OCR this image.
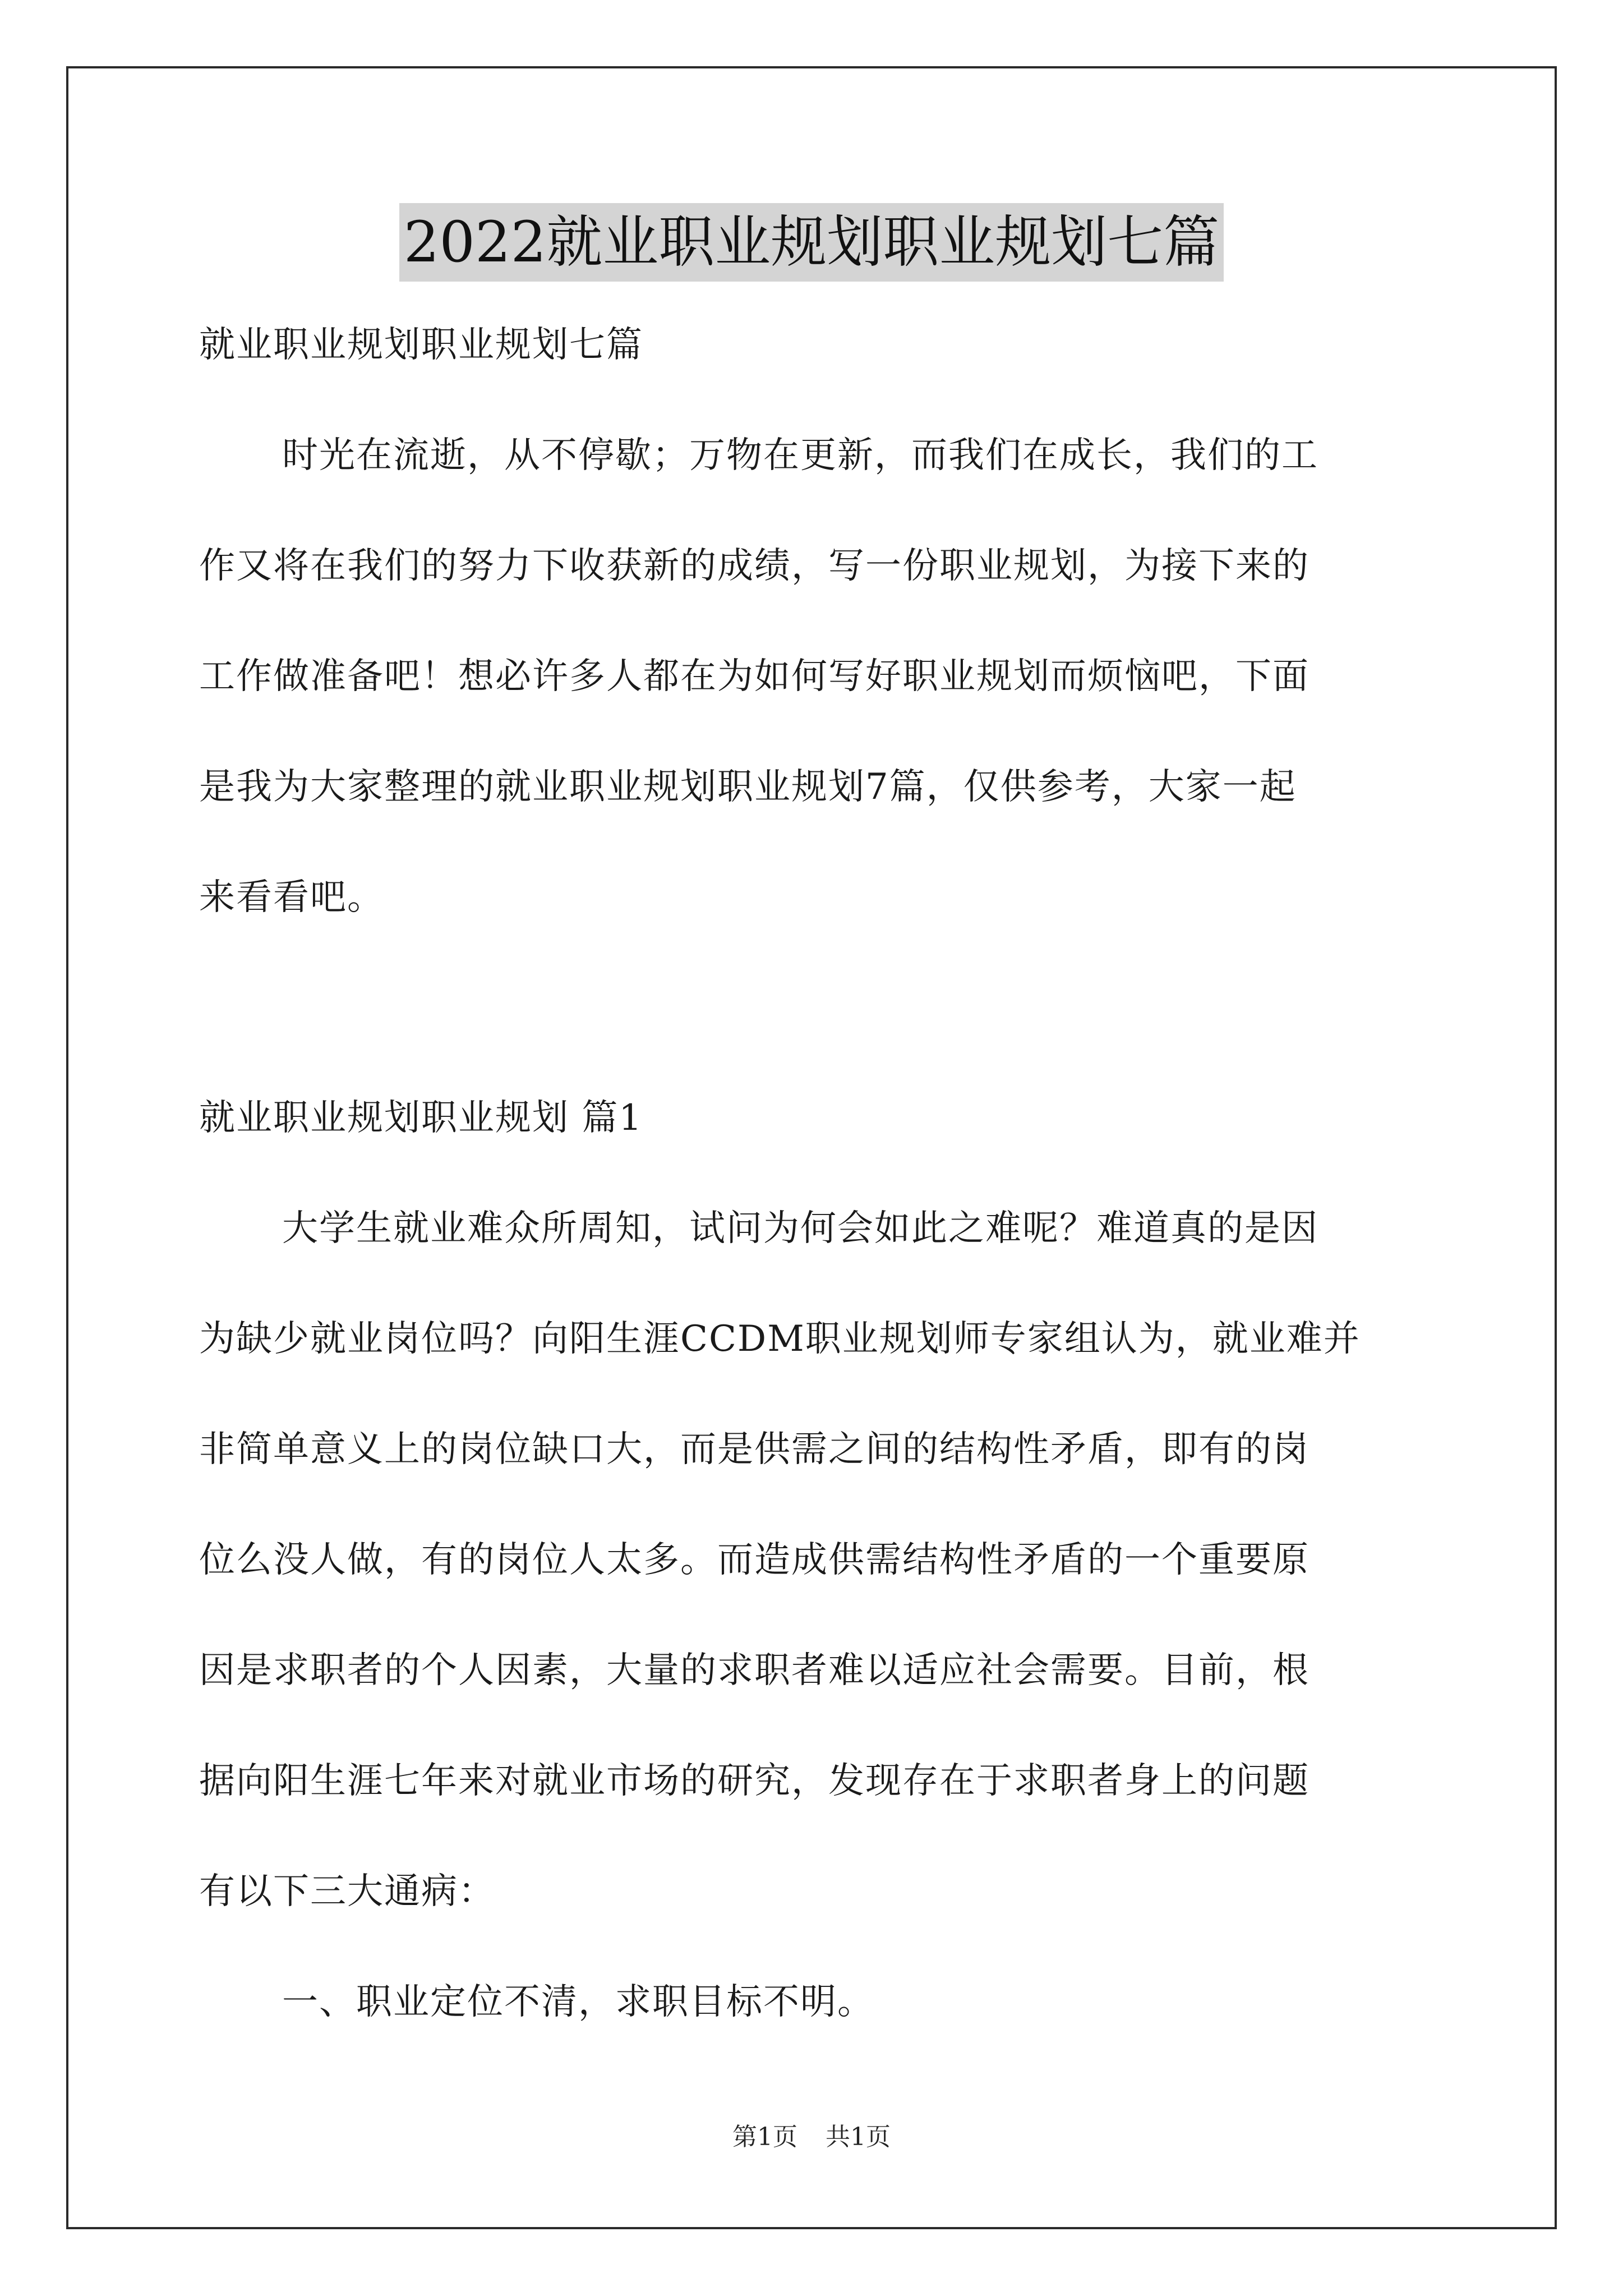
2022就业职业规划职业规划七篇
就业职业规划职业规划七篇
时光在流逝，从不停歇；万物在更新，而我们在成长，我们的工
作又将在我们的努力下收获新的成绩，写一份职业规划，为接下来的
工作做准备吧！想必许多人都在为如何写好职业规划而烦恼吧，下面
是我为大家整理的就业职业规划职业规划7篇，仅供参考，大家一起
来看看吧。
就业职业规划职业规划 篇1
大学生就业难众所周知，试问为何会如此之难呢？难道真的是因
为缺少就业岗位吗？向阳生涯CCDM职业规划师专家组认为，就业难并
非简单意义上的岗位缺口大，而是供需之间的结构性矛盾，即有的岗
位么没人做，有的岗位人太多。而造成供需结构性矛盾的一个重要原
因是求职者的个人因素，大量的求职者难以适应社会需要。目前，根
据向阳生涯七年来对就业市场的研究，发现存在于求职者身上的问题
有以下三大通病：
一、职业定位不清，求职目标不明。
第1页 共1页
